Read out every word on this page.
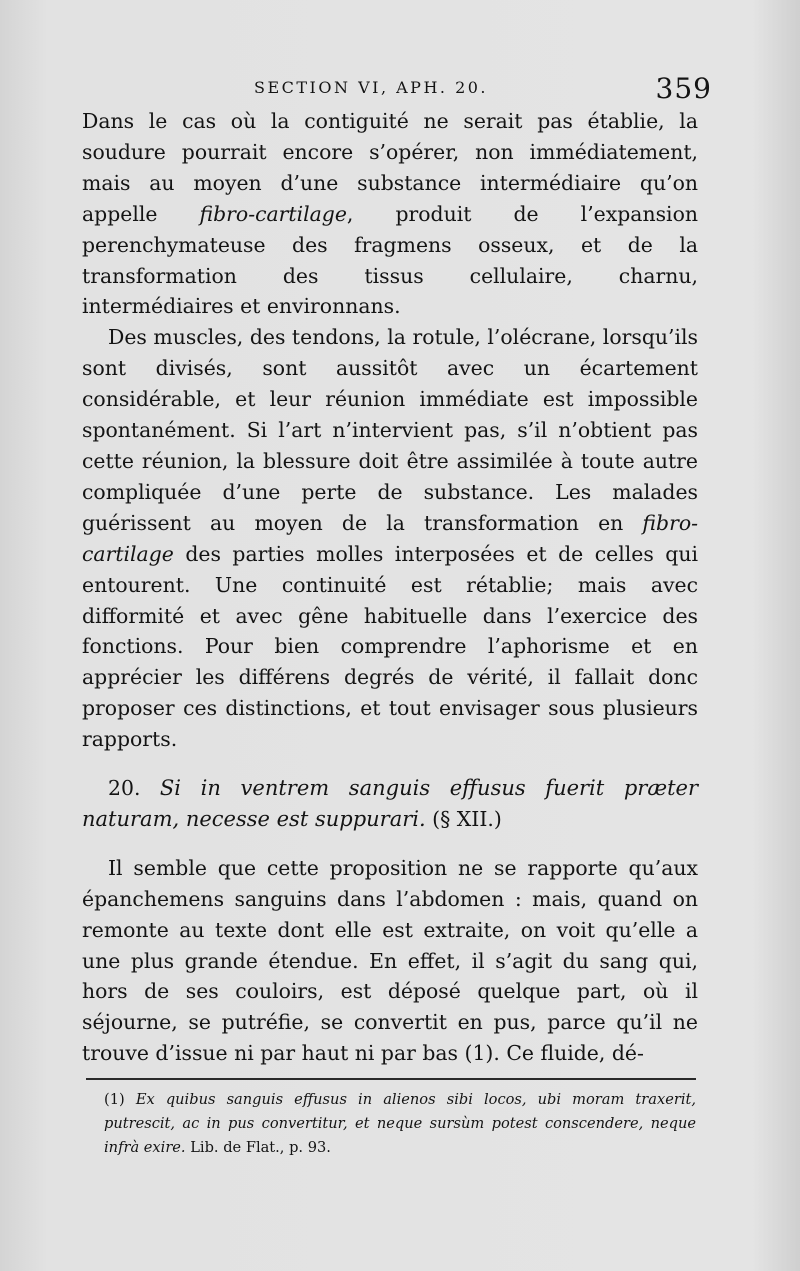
SECTION VI, APH. 20.	359

Dans le cas où la contiguité ne serait pas établie, la soudure pourrait encore s’opérer, non immédiatement, mais au moyen d’une substance intermédiaire qu’on appelle fibro-cartilage, produit de l’expansion perenchymateuse des fragmens osseux, et de la transformation des tissus cellulaire, charnu, intermédiaires et environnans.

Des muscles, des tendons, la rotule, l’olécrane, lorsqu’ils sont divisés, sont aussitôt avec un écartement considérable, et leur réunion immédiate est impossible spontanément. Si l’art n’intervient pas, s’il n’obtient pas cette réunion, la blessure doit être assimilée à toute autre compliquée d’une perte de substance. Les malades guérissent au moyen de la transformation en fibro-cartilage des parties molles interposées et de celles qui entourent. Une continuité est rétablie; mais avec difformité et avec gêne habituelle dans l’exercice des fonctions. Pour bien comprendre l’aphorisme et en apprécier les différens degrés de vérité, il fallait donc proposer ces distinctions, et tout envisager sous plusieurs rapports.

20. Si in ventrem sanguis effusus fuerit præter naturam, necesse est suppurari. (§ XII.)

Il semble que cette proposition ne se rapporte qu’aux épanchemens sanguins dans l’abdomen : mais, quand on remonte au texte dont elle est extraite, on voit qu’elle a une plus grande étendue. En effet, il s’agit du sang qui, hors de ses couloirs, est déposé quelque part, où il séjourne, se putréfie, se convertit en pus, parce qu’il ne trouve d’issue ni par haut ni par bas (1). Ce fluide, dé-

(1) Ex quibus sanguis effusus in alienos sibi locos, ubi moram traxerit, putrescit, ac in pus convertitur, et neque sursùm potest conscendere, neque infrà exire. Lib. de Flat., p. 93.
